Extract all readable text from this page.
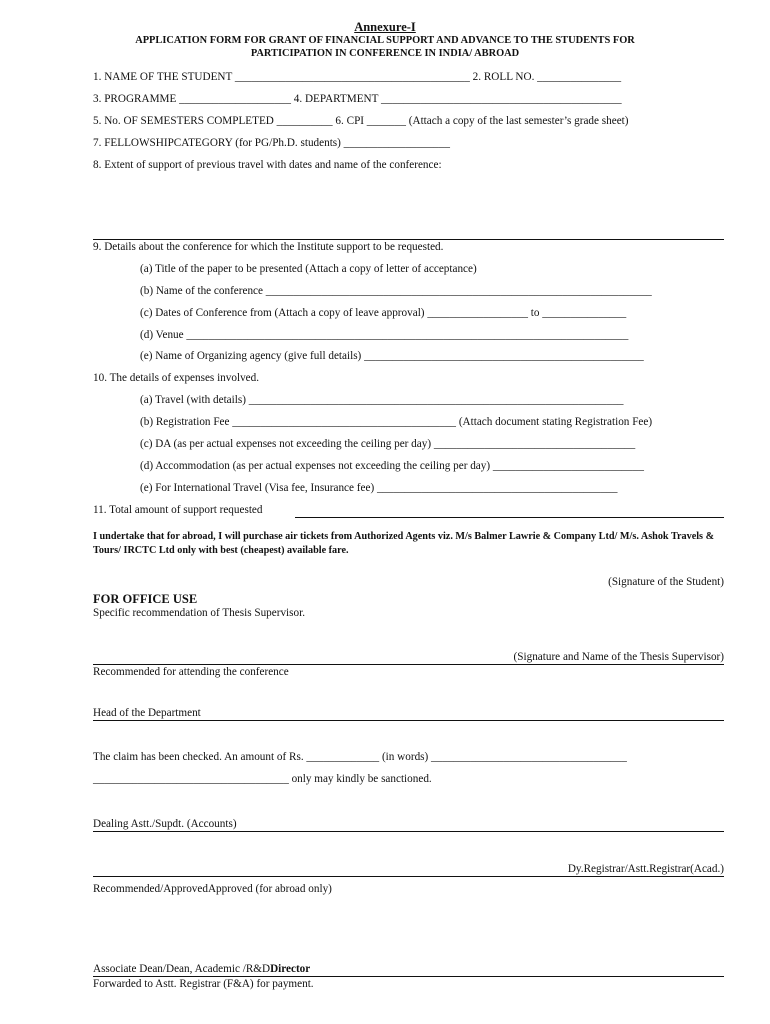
Annexure-I
APPLICATION FORM FOR GRANT OF FINANCIAL SUPPORT AND ADVANCE TO THE STUDENTS FOR
PARTICIPATION IN CONFERENCE IN INDIA/ ABROAD
1. NAME OF THE STUDENT __________________________________________ 2. ROLL NO. _______________
3. PROGRAMME ____________________ 4. DEPARTMENT ___________________________________________
5. No. OF SEMESTERS COMPLETED __________ 6. CPI _______ (Attach a copy of the last semester’s grade sheet)
7. FELLOWSHIPCATEGORY (for PG/Ph.D. students) ___________________
8. Extent of support of previous travel with dates and name of the conference:
9. Details about the conference for which the Institute support to be requested.
(a) Title of the paper to be presented (Attach a copy of letter of acceptance)
(b) Name of the conference _____________________________________________________________________
(c) Dates of Conference from (Attach a copy of leave approval) __________________ to _______________
(d) Venue _______________________________________________________________________________
(e) Name of Organizing agency (give full details) __________________________________________________
10. The details of expenses involved.
(a) Travel (with details) ___________________________________________________________________
(b) Registration Fee ________________________________________ (Attach document stating Registration Fee)
(c) DA (as per actual expenses not exceeding the ceiling per day) ____________________________________
(d) Accommodation (as per actual expenses not exceeding the ceiling per day) ___________________________
(e) For International Travel (Visa fee, Insurance fee) ___________________________________________
11. Total amount of support requested
I undertake that for abroad, I will purchase air tickets from Authorized Agents viz. M/s Balmer Lawrie & Company Ltd/ M/s. Ashok Travels & Tours/ IRCTC Ltd only with best (cheapest) available fare.
(Signature of the Student)
FOR OFFICE USE
Specific recommendation of Thesis Supervisor.
(Signature and Name of the Thesis Supervisor)
Recommended for attending the conference
Head of the Department
The claim has been checked. An amount of Rs. _____________ (in words) ___________________________________
___________________________________ only may kindly be sanctioned.
Dealing Astt./Supdt. (Accounts)
Dy.Registrar/Astt.Registrar(Acad.)
Recommended/ApprovedApproved (for abroad only)
Associate Dean/Dean, Academic /R&DDirector
Forwarded to Astt. Registrar (F&A) for payment.
